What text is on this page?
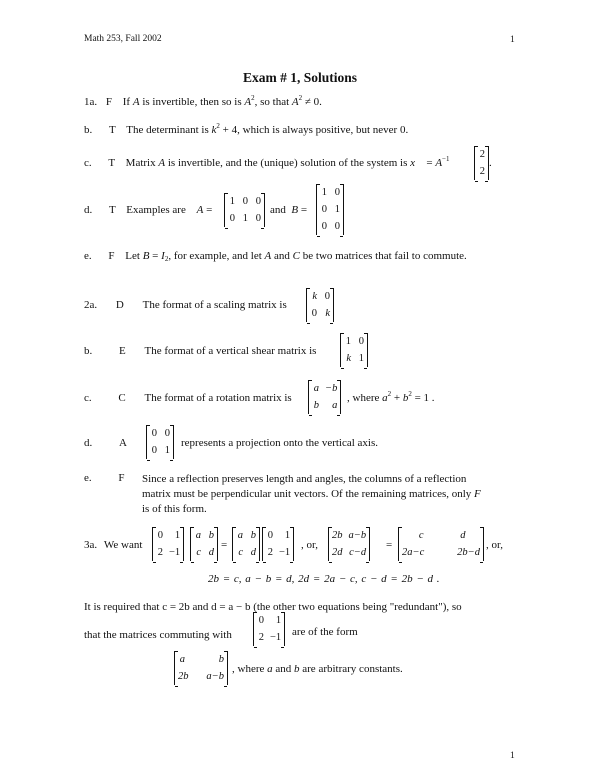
Math 253, Fall 2002	1
Exam # 1, Solutions
1a. F If A is invertible, then so is $A^2$, so that $A^2 \ne 0$.
b. T The determinant is $k^2 + 4$, which is always positive, but never 0.
c. T Matrix A is invertible, and the (unique) solution of the system is x⃗ = $A^{-1}$	2
2
.
d. T Examples are A =
1 0 0
0 1 0
and B =
1 0
0 1
0 0
e. F Let $B = I_2$, for example, and let A and C be two matrices that fail to commute.
2a. D The format of a scaling matrix is
k 0
0 k
b. E The format of a vertical shear matrix is
1 0
k 1
c. C The format of a rotation matrix is
a −b
b a
, where $a^2 + b^2 = 1$ .
d. A
0 0
0 1
represents a projection onto the vertical axis.
e. F Since a reflection preserves length and angles, the columns of a reflection
matrix must be perpendicular unit vectors. Of the remaining matrices, only F
is of this form.
3a. We want
0 1
2 −1
a b
c d
=
a b
c d
0 1
2 −1
, or,
2b a−b
2d c−d
=
c	d
2a−c	2b−d
, or,
2b = c, a − b = d, 2d = 2a − c, c − d = 2b − d .
It is required that c = 2b and d = a − b (the other two equations being "redundant"), so
that the matrices commuting with
0 1
2 −1 are of the form
a	b
2b a−b
, where a and b are arbitrary constants.
1
